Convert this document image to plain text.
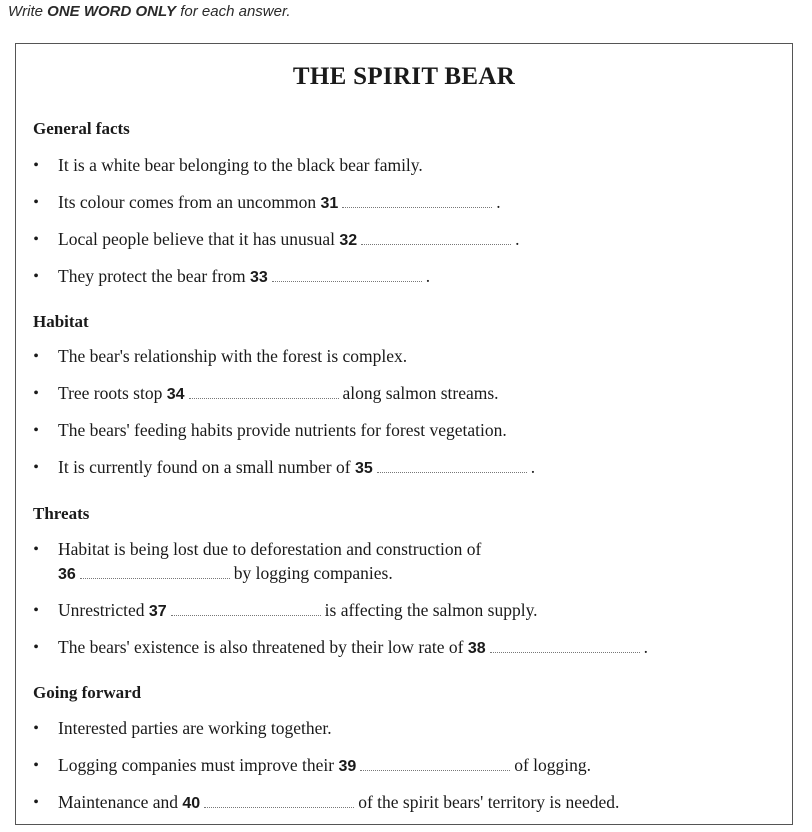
Write ONE WORD ONLY for each answer.
THE SPIRIT BEAR
General facts
• It is a white bear belonging to the black bear family.
• Its colour comes from an uncommon 31	.
• Local people believe that it has unusual 32	.
• They protect the bear from 33	.
Habitat
• The bear's relationship with the forest is complex.
• Tree roots stop 34	along salmon streams.
• The bears' feeding habits provide nutrients for forest vegetation.
• It is currently found on a small number of 35	.
Threats
• Habitat is being lost due to deforestation and construction of
36	by logging companies.
• Unrestricted 37	is affecting the salmon supply.
• The bears' existence is also threatened by their low rate of 38	.
Going forward
• Interested parties are working together.
• Logging companies must improve their 39	of logging.
• Maintenance and 40	of the spirit bears' territory is needed.
